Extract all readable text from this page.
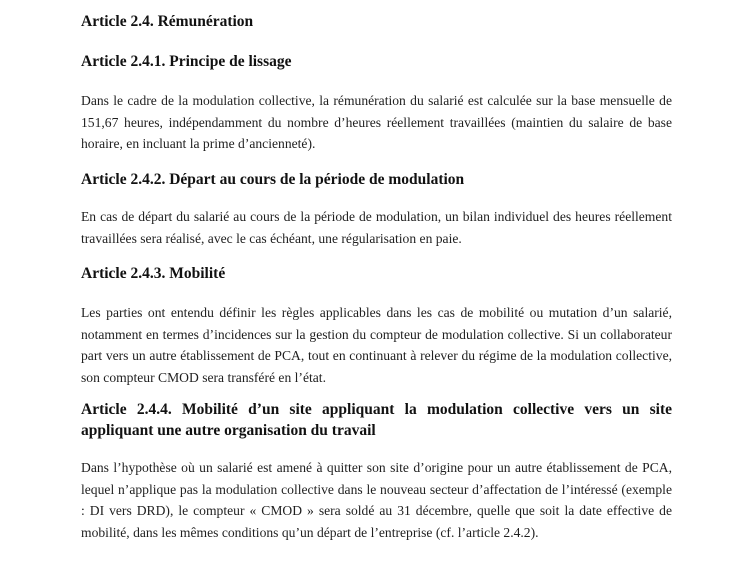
Article 2.4. Rémunération
Article 2.4.1. Principe de lissage

Dans le cadre de la modulation collective, la rémunération du salarié est calculée sur la base mensuelle de 151,67 heures, indépendamment du nombre d’heures réellement travaillées (maintien du salaire de base horaire, en incluant la prime d’ancienneté).

Article 2.4.2. Départ au cours de la période de modulation

En cas de départ du salarié au cours de la période de modulation, un bilan individuel des heures réellement travaillées sera réalisé, avec le cas échéant, une régularisation en paie.

Article 2.4.3. Mobilité

Les parties ont entendu définir les règles applicables dans les cas de mobilité ou mutation d’un salarié, notamment en termes d’incidences sur la gestion du compteur de modulation collective. Si un collaborateur part vers un autre établissement de PCA, tout en continuant à relever du régime de la modulation collective, son compteur CMOD sera transféré en l’état.

Article 2.4.4. Mobilité d’un site appliquant la modulation collective vers un site appliquant une autre organisation du travail

Dans l’hypothèse où un salarié est amené à quitter son site d’origine pour un autre établissement de PCA, lequel n’applique pas la modulation collective dans le nouveau secteur d’affectation de l’intéressé (exemple : DI vers DRD), le compteur « CMOD » sera soldé au 31 décembre, quelle que soit la date effective de mobilité, dans les mêmes conditions qu’un départ de l’entreprise (cf. l’article 2.4.2).
